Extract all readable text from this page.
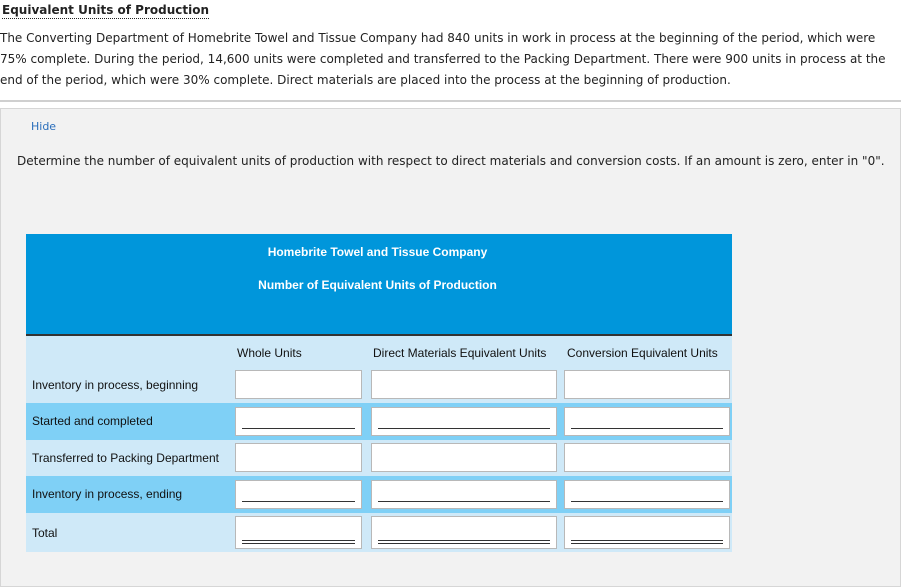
Equivalent Units of Production
The Converting Department of Homebrite Towel and Tissue Company had 840 units in work in process at the beginning of the period, which were 75% complete. During the period, 14,600 units were completed and transferred to the Packing Department. There were 900 units in process at the end of the period, which were 30% complete. Direct materials are placed into the process at the beginning of production.
Hide
Determine the number of equivalent units of production with respect to direct materials and conversion costs. If an amount is zero, enter in "0".
Homebrite Towel and Tissue Company
Number of Equivalent Units of Production
Whole Units	Direct Materials Equivalent Units Conversion Equivalent Units
Inventory in process, beginning
Started and completed
Transferred to Packing Department
Inventory in process, ending
Total
